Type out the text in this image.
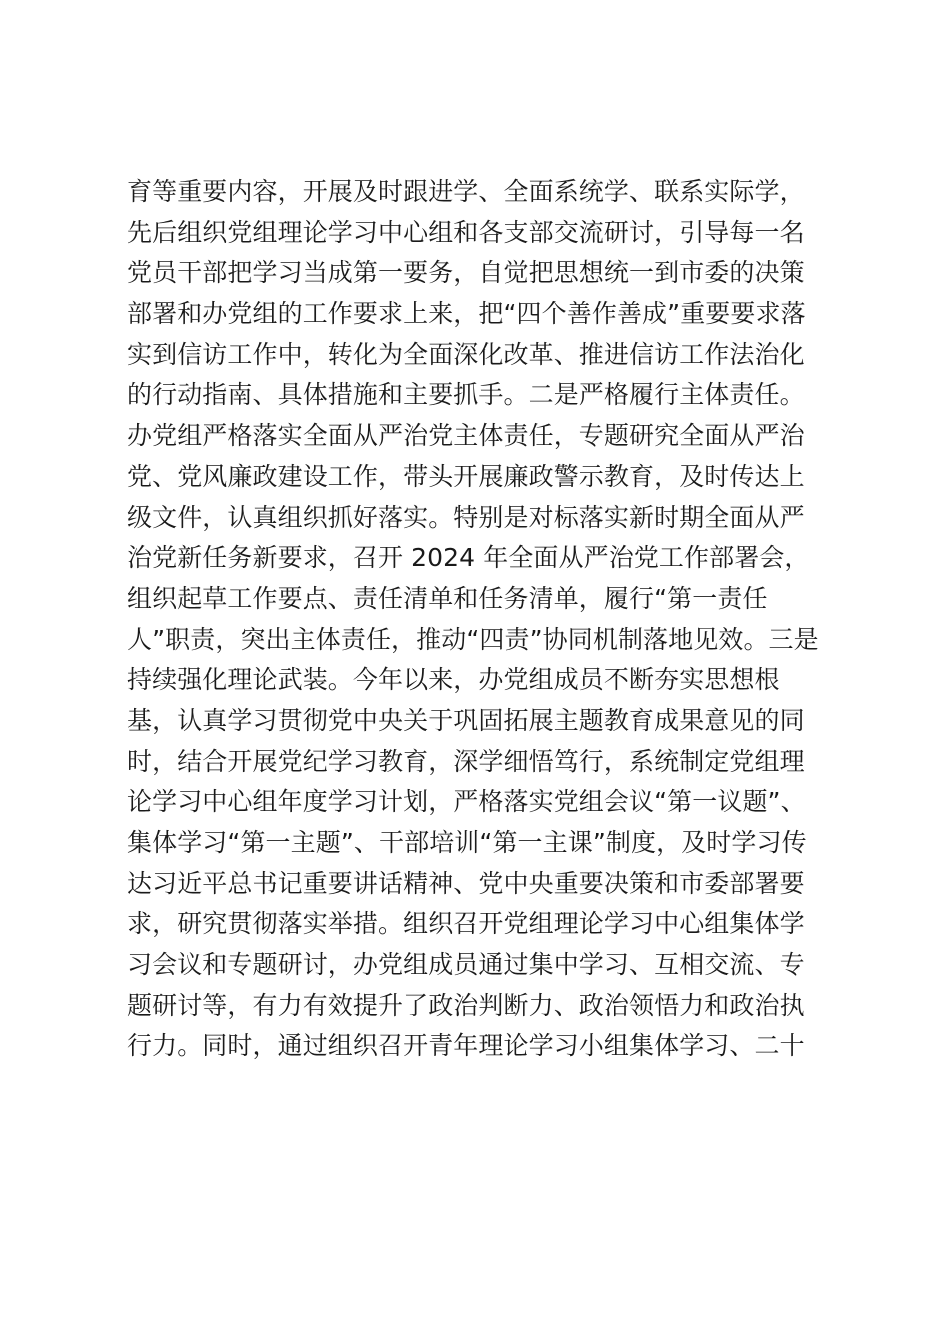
育等重要内容，开展及时跟进学、全面系统学、联系实际学，
先后组织党组理论学习中心组和各支部交流研讨，引导每一名
党员干部把学习当成第一要务，自觉把思想统一到市委的决策
部署和办党组的工作要求上来，把“四个善作善成”重要要求落
实到信访工作中，转化为全面深化改革、推进信访工作法治化
的行动指南、具体措施和主要抓手。二是严格履行主体责任。
办党组严格落实全面从严治党主体责任，专题研究全面从严治
党、党风廉政建设工作，带头开展廉政警示教育，及时传达上
级文件，认真组织抓好落实。特别是对标落实新时期全面从严
治党新任务新要求，召开 2024 年全面从严治党工作部署会，
组织起草工作要点、责任清单和任务清单，履行“第一责任
人”职责，突出主体责任，推动“四责”协同机制落地见效。三是
持续强化理论武装。今年以来，办党组成员不断夯实思想根
基，认真学习贯彻党中央关于巩固拓展主题教育成果意见的同
时，结合开展党纪学习教育，深学细悟笃行，系统制定党组理
论学习中心组年度学习计划，严格落实党组会议“第一议题”、
集体学习“第一主题”、干部培训“第一主课”制度，及时学习传
达习近平总书记重要讲话精神、党中央重要决策和市委部署要
求，研究贯彻落实举措。组织召开党组理论学习中心组集体学
习会议和专题研讨，办党组成员通过集中学习、互相交流、专
题研讨等，有力有效提升了政治判断力、政治领悟力和政治执
行力。同时，通过组织召开青年理论学习小组集体学习、二十
